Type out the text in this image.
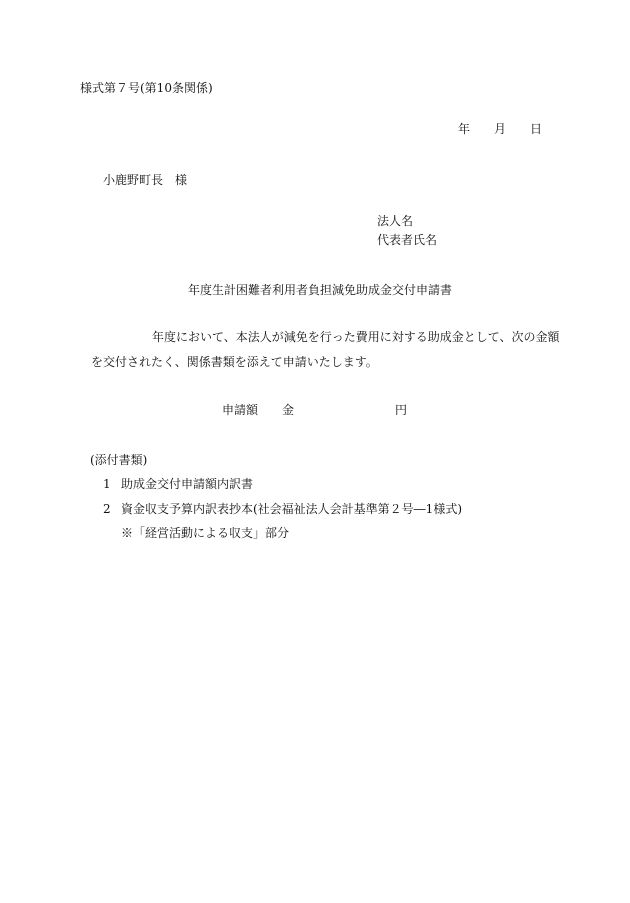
様式第７号(第10条関係)
年 月 日
小鹿野町長　様
法人名
代表者氏名
年度生計困難者利用者負担減免助成金交付申請書
年度において、本法人が減免を行った費用に対する助成金として、次の金額
を交付されたく、関係書類を添えて申請いたします。
申請額 金	円
(添付書類)
1 助成金交付申請額内訳書
2 資金収支予算内訳表抄本(社会福祉法人会計基準第２号―1様式)
※「経営活動による収支」部分
